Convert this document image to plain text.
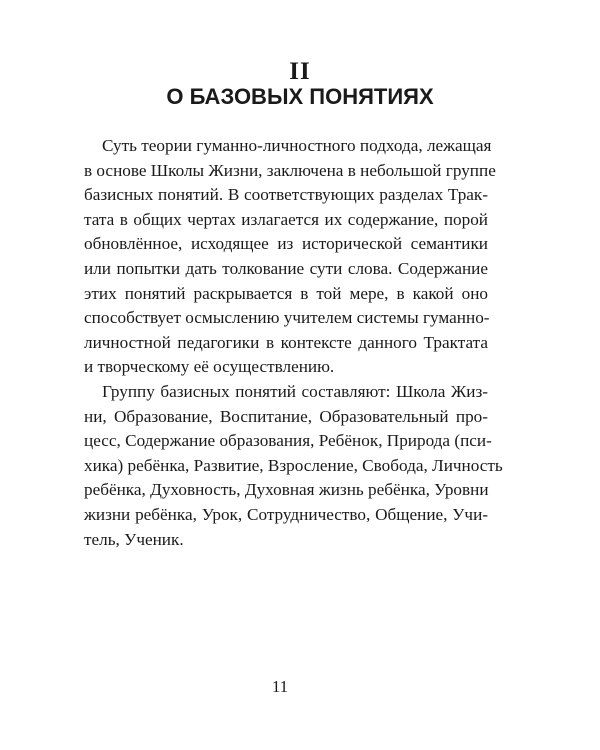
II
О БАЗОВЫХ ПОНЯТИЯХ
Суть теории гуманно-личностного подхода, лежащая
в основе Школы Жизни, заключена в небольшой группе
базисных понятий. В соответствующих разделах Трак-
тата в общих чертах излагается их содержание, порой
обновлённое, исходящее из исторической семантики
или попытки дать толкование сути слова. Содержание
этих понятий раскрывается в той мере, в какой оно
способствует осмыслению учителем системы гуманно-
личностной педагогики в контексте данного Трактата
и творческому её осуществлению.
Группу базисных понятий составляют: Школа Жиз-
ни, Образование, Воспитание, Образовательный про-
цесс, Содержание образования, Ребёнок, Природа (пси-
хика) ребёнка, Развитие, Взросление, Свобода, Личность
ребёнка, Духовность, Духовная жизнь ребёнка, Уровни
жизни ребёнка, Урок, Сотрудничество, Общение, Учи-
тель, Ученик.
11
